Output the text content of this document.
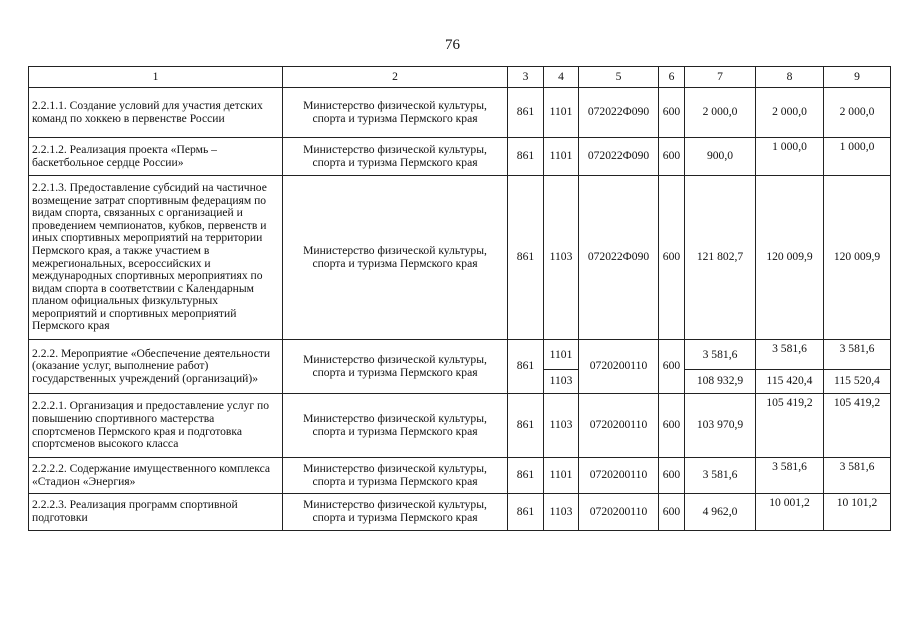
76
1	2	3	4	5	6	7	8	9
2.2.1.1. Создание условий для участия детских команд по хоккею в первенстве России	Министерство физической культуры, спорта и туризма Пермского края	861	1101	072022Ф090	600	2 000,0	2 000,0	2 000,0
2.2.1.2. Реализация проекта «Пермь – баскетбольное сердце России»	Министерство физической культуры, спорта и туризма Пермского края	861	1101	072022Ф090	600	900,0	1 000,0	1 000,0
2.2.1.3. Предоставление субсидий на частичное возмещение затрат спортивным федерациям по видам спорта, связанных с организацией и проведением чемпионатов, кубков, первенств и иных спортивных мероприятий на территории Пермского края, а также участием в межрегиональных, всероссийских и международных спортивных мероприятиях по видам спорта в соответствии с Календарным планом официальных физкультурных мероприятий и спортивных мероприятий Пермского края	Министерство физической культуры, спорта и туризма Пермского края	861	1103	072022Ф090	600	121 802,7	120 009,9	120 009,9
2.2.2. Мероприятие «Обеспечение деятельности (оказание услуг, выполнение работ) государственных учреждений (организаций)»	Министерство физической культуры, спорта и туризма Пермского края	861	1101	0720200110	600	3 581,6	3 581,6	3 581,6
			1103			108 932,9	115 420,4	115 520,4
2.2.2.1. Организация и предоставление услуг по повышению спортивного мастерства спортсменов Пермского края и подготовка спортсменов высокого класса	Министерство физической культуры, спорта и туризма Пермского края	861	1103	0720200110	600	103 970,9	105 419,2	105 419,2
2.2.2.2. Содержание имущественного комплекса «Стадион «Энергия»	Министерство физической культуры, спорта и туризма Пермского края	861	1101	0720200110	600	3 581,6	3 581,6	3 581,6
2.2.2.3. Реализация программ спортивной подготовки	Министерство физической культуры, спорта и туризма Пермского края	861	1103	0720200110	600	4 962,0	10 001,2	10 101,2
